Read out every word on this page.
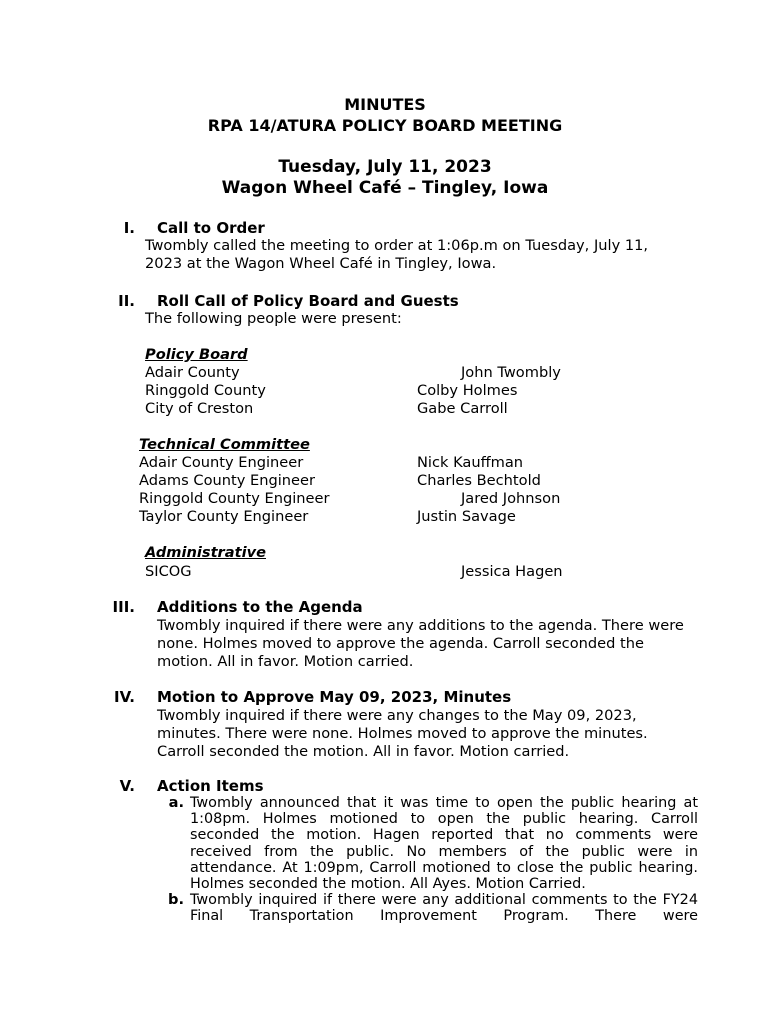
MINUTES
RPA 14/ATURA POLICY BOARD MEETING
Tuesday, July 11, 2023
Wagon Wheel Café – Tingley, Iowa
I. Call to Order
Twombly called the meeting to order at 1:06p.m on Tuesday, July 11, 2023 at the Wagon Wheel Café in Tingley, Iowa.
II. Roll Call of Policy Board and Guests
The following people were present:
Policy Board
Adair County	John Twombly
Ringgold County	Colby Holmes
City of Creston	Gabe Carroll
Technical Committee
Adair County Engineer	Nick Kauffman
Adams County Engineer	Charles Bechtold
Ringgold County Engineer	Jared Johnson
Taylor County Engineer	Justin Savage
Administrative
SICOG	Jessica Hagen
III. Additions to the Agenda
Twombly inquired if there were any additions to the agenda. There were none. Holmes moved to approve the agenda. Carroll seconded the motion. All in favor. Motion carried.
IV. Motion to Approve May 09, 2023, Minutes
Twombly inquired if there were any changes to the May 09, 2023, minutes. There were none. Holmes moved to approve the minutes. Carroll seconded the motion. All in favor. Motion carried.
V. Action Items
a. Twombly announced that it was time to open the public hearing at 1:08pm. Holmes motioned to open the public hearing. Carroll seconded the motion. Hagen reported that no comments were received from the public. No members of the public were in attendance. At 1:09pm, Carroll motioned to close the public hearing. Holmes seconded the motion. All Ayes. Motion Carried.
b. Twombly inquired if there were any additional comments to the FY24 Final Transportation Improvement Program. There were
